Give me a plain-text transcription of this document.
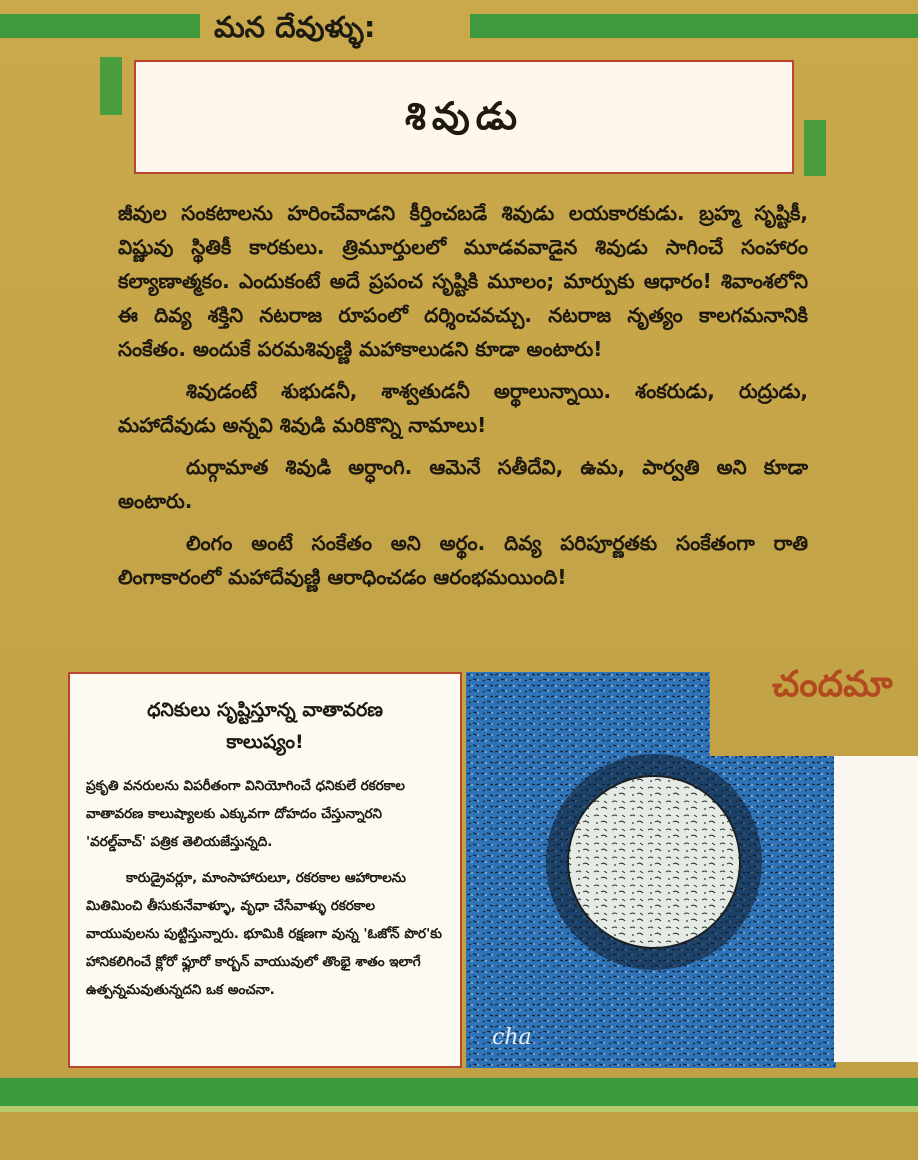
మన దేవుళ్ళు:
శివుడు

జీవుల సంకటాలను హరించేవాడని కీర్తించబడే శివుడు లయకారకుడు. బ్రహ్మ సృష్టికీ, విష్ణువు స్థితికీ కారకులు. త్రిమూర్తులలో మూడవవాడైన శివుడు సాగించే సంహారం కల్యాణాత్మకం. ఎందుకంటే అదే ప్రపంచ సృష్టికి మూలం; మార్పుకు ఆధారం! శివాంశలోని ఈ దివ్య శక్తిని నటరాజ రూపంలో దర్శించవచ్చు. నటరాజ నృత్యం కాలగమనానికి సంకేతం. అందుకే పరమశివుణ్ణి మహాకాలుడని కూడా అంటారు!

శివుడంటే శుభుడనీ, శాశ్వతుడనీ అర్థాలున్నాయి. శంకరుడు, రుద్రుడు, మహాదేవుడు అన్నవి శివుడి మరికొన్ని నామాలు!

దుర్గామాత శివుడి అర్ధాంగి. ఆమెనే సతీదేవి, ఉమ, పార్వతి అని కూడా అంటారు.

లింగం అంటే సంకేతం అని అర్థం. దివ్య పరిపూర్ణతకు సంకేతంగా రాతి లింగాకారంలో మహాదేవుణ్ణి ఆరాధించడం ఆరంభమయింది!

ధనికులు సృష్టిస్తూన్న వాతావరణ
కాలుష్యం!

ప్రకృతి వనరులను విపరీతంగా వినియోగించే ధనికులే రకరకాల వాతావరణ కాలుష్యాలకు ఎక్కువగా దోహదం చేస్తున్నారని 'వరల్డ్‌వాచ్' పత్రిక తెలియజేస్తున్నది.

కారుడ్రైవర్లూ, మాంసాహారులూ, రకరకాల ఆహారాలను మితిమించి తీసుకునేవాళ్ళూ, వృధా చేసేవాళ్ళు రకరకాల వాయువులను పుట్టిస్తున్నారు. భూమికి రక్షణగా వున్న 'ఓజోన్ పొర'కు హానికలిగించే క్లోరో ఫ్లూరో కార్బన్ వాయువులో తొంభై శాతం ఇలాగే ఉత్పన్నమవుతున్నదని ఒక అంచనా.

cha
చందమా
